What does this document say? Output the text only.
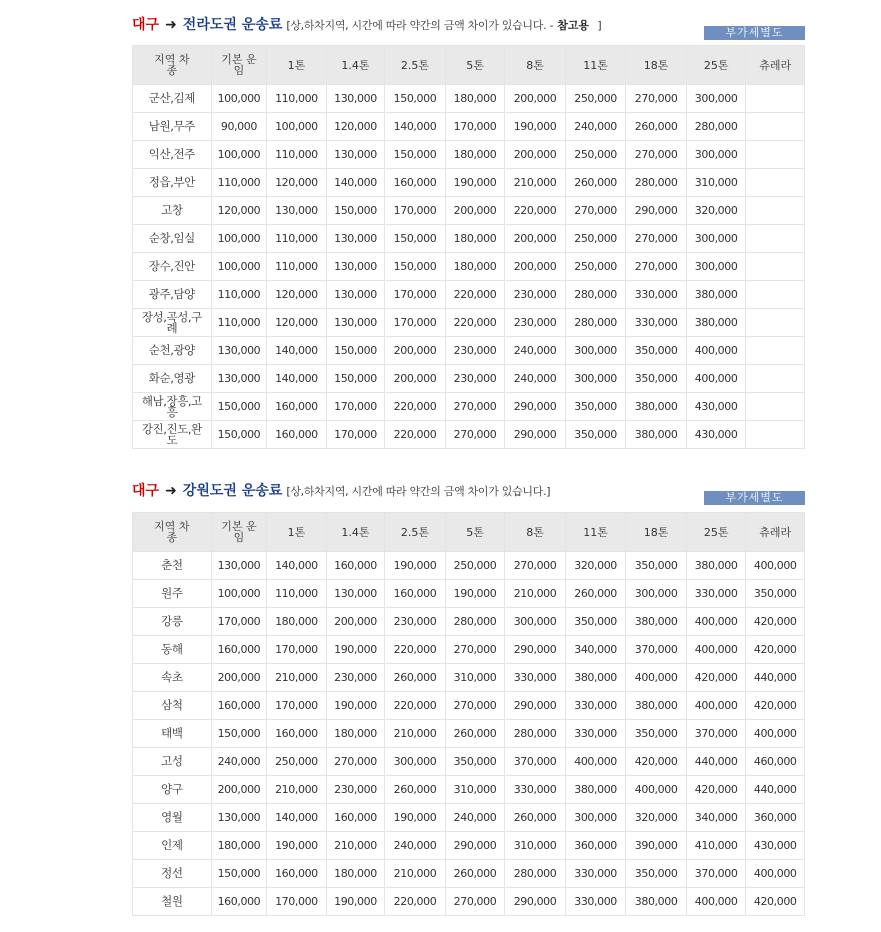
대구 ➜ 전라도권 운송료 [상,하차지역, 시간에 따라 약간의 금액 차이가 있습니다. - 참고용 ]
부가세별도
지역 차종	기본 운임	1톤	1.4톤	2.5톤	5톤	8톤	11톤	18톤	25톤	츄레라

군산,김제	100,000	110,000	130,000	150,000	180,000	200,000	250,000	270,000	300,000	

남원,무주	90,000	100,000	120,000	140,000	170,000	190,000	240,000	260,000	280,000	

익산,전주	100,000	110,000	130,000	150,000	180,000	200,000	250,000	270,000	300,000	

정읍,부안	110,000	120,000	140,000	160,000	190,000	210,000	260,000	280,000	310,000	

고창	120,000	130,000	150,000	170,000	200,000	220,000	270,000	290,000	320,000	

순창,임실	100,000	110,000	130,000	150,000	180,000	200,000	250,000	270,000	300,000	

장수,진안	100,000	110,000	130,000	150,000	180,000	200,000	250,000	270,000	300,000	

광주,담양	110,000	120,000	130,000	170,000	220,000	230,000	280,000	330,000	380,000	

장성,곡성,구례	110,000	120,000	130,000	170,000	220,000	230,000	280,000	330,000	380,000	

순천,광양	130,000	140,000	150,000	200,000	230,000	240,000	300,000	350,000	400,000	

화순,영광	130,000	140,000	150,000	200,000	230,000	240,000	300,000	350,000	400,000	

해남,장흥,고흥	150,000	160,000	170,000	220,000	270,000	290,000	350,000	380,000	430,000	

강진,진도,완도	150,000	160,000	170,000	220,000	270,000	290,000	350,000	380,000	430,000	
대구 ➜ 강원도권 운송료 [상,하차지역, 시간에 따라 약간의 금액 차이가 있습니다.]	부가세별도
지역 차종	기본 운임	1톤	1.4톤	2.5톤	5톤	8톤	11톤	18톤	25톤	츄레라

춘천	130,000	140,000	160,000	190,000	250,000	270,000	320,000	350,000	380,000	400,000

원주	100,000	110,000	130,000	160,000	190,000	210,000	260,000	300,000	330,000	350,000

강릉	170,000	180,000	200,000	230,000	280,000	300,000	350,000	380,000	400,000	420,000

동해	160,000	170,000	190,000	220,000	270,000	290,000	340,000	370,000	400,000	420,000

속초	200,000	210,000	230,000	260,000	310,000	330,000	380,000	400,000	420,000	440,000

삼척	160,000	170,000	190,000	220,000	270,000	290,000	330,000	380,000	400,000	420,000

태백	150,000	160,000	180,000	210,000	260,000	280,000	330,000	350,000	370,000	400,000

고성	240,000	250,000	270,000	300,000	350,000	370,000	400,000	420,000	440,000	460,000

양구	200,000	210,000	230,000	260,000	310,000	330,000	380,000	400,000	420,000	440,000

영월	130,000	140,000	160,000	190,000	240,000	260,000	300,000	320,000	340,000	360,000

인제	180,000	190,000	210,000	240,000	290,000	310,000	360,000	390,000	410,000	430,000

정선	150,000	160,000	180,000	210,000	260,000	280,000	330,000	350,000	370,000	400,000

철원	160,000	170,000	190,000	220,000	270,000	290,000	330,000	380,000	400,000	420,000
